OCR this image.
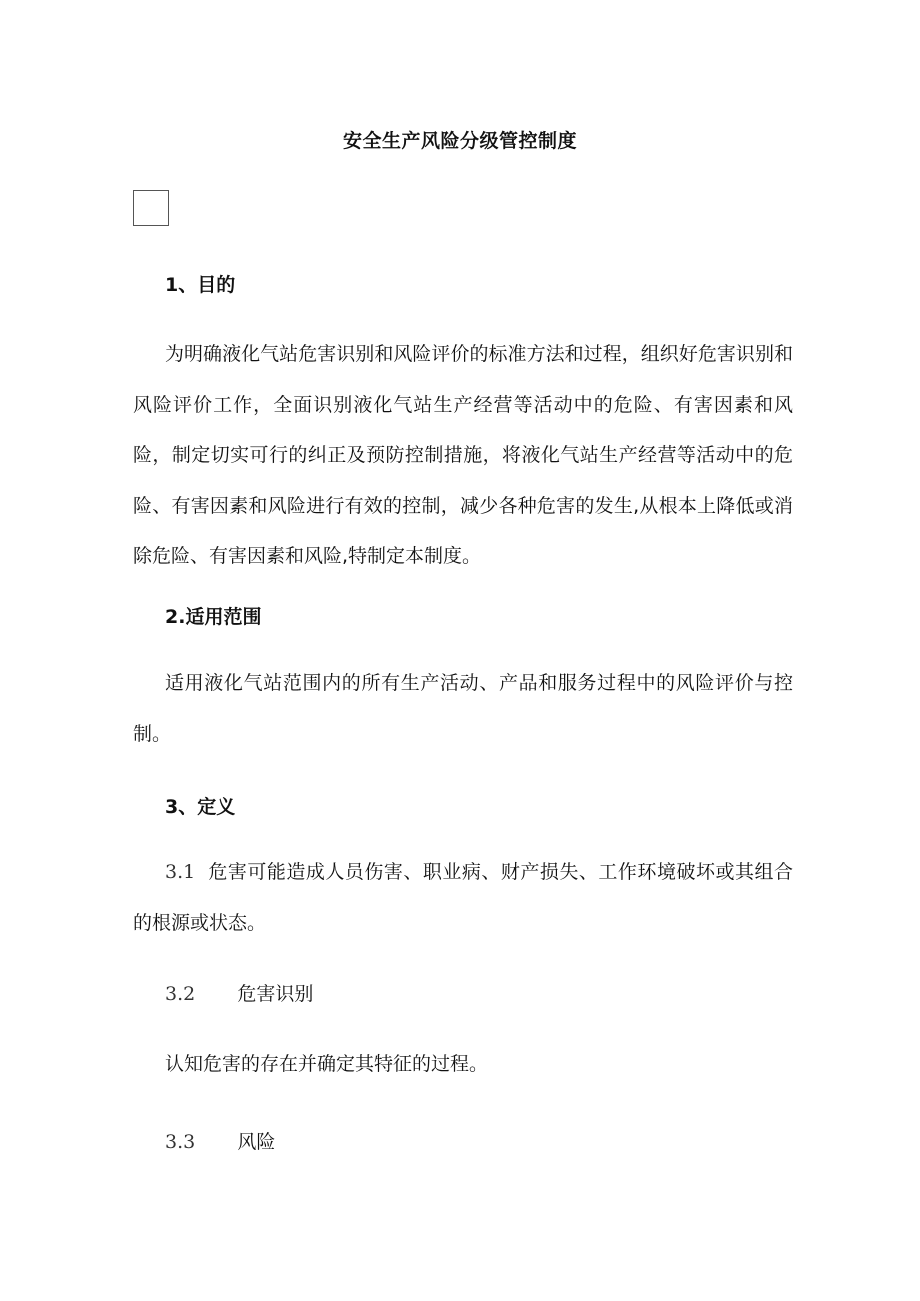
安全生产风险分级管控制度
1、目的

为明确液化气站危害识别和风险评价的标准方法和过程，组织好危害识别和风险评价工作，全面识别液化气站生产经营等活动中的危险、有害因素和风险，制定切实可行的纠正及预防控制措施，将液化气站生产经营等活动中的危险、有害因素和风险进行有效的控制，减少各种危害的发生,从根本上降低或消除危险、有害因素和风险,特制定本制度。

2.适用范围

适用液化气站范围内的所有生产活动、产品和服务过程中的风险评价与控制。

3、定义

3.1 危害可能造成人员伤害、职业病、财产损失、工作环境破坏或其组合的根源或状态。

3.2 危害识别
认知危害的存在并确定其特征的过程。
3.3 风险
